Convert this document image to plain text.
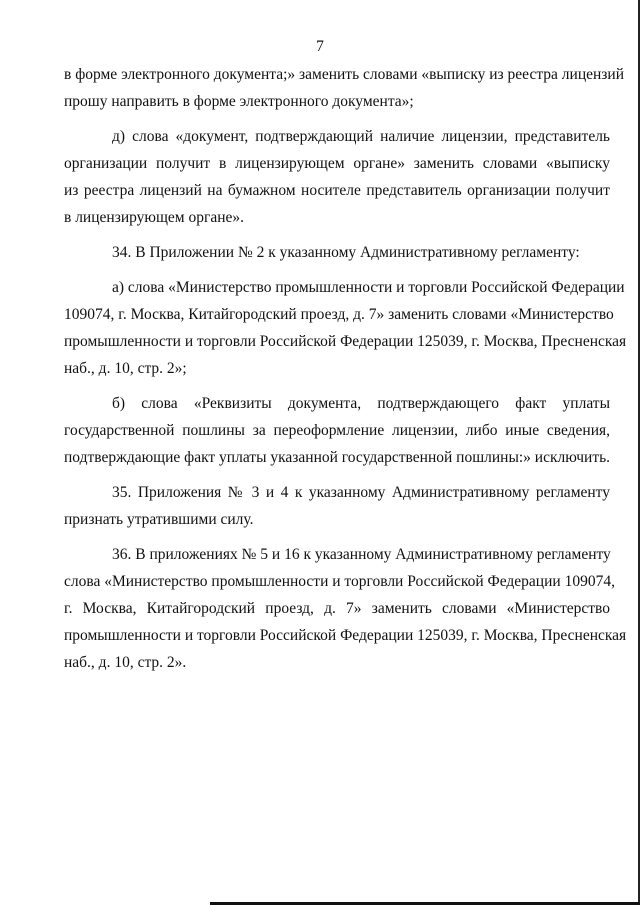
7
в форме электронного документа;» заменить словами «выписку из реестра лицензий
прошу направить в форме электронного документа»;
д) слова «документ, подтверждающий наличие лицензии, представитель
организации получит в лицензирующем органе» заменить словами «выписку
из реестра лицензий на бумажном носителе представитель организации получит
в лицензирующем органе».
34. В Приложении № 2 к указанному Административному регламенту:
а) слова «Министерство промышленности и торговли Российской Федерации
109074, г. Москва, Китайгородский проезд, д. 7» заменить словами «Министерство
промышленности и торговли Российской Федерации 125039, г. Москва, Пресненская
наб., д. 10, стр. 2»;
б) слова «Реквизиты документа, подтверждающего факт уплаты
государственной пошлины за переоформление лицензии, либо иные сведения,
подтверждающие факт уплаты указанной государственной пошлины:» исключить.
35. Приложения № 3 и 4 к указанному Административному регламенту
признать утратившими силу.
36. В приложениях № 5 и 16 к указанному Административному регламенту
слова «Министерство промышленности и торговли Российской Федерации 109074,
г. Москва, Китайгородский проезд, д. 7» заменить словами «Министерство
промышленности и торговли Российской Федерации 125039, г. Москва, Пресненская
наб., д. 10, стр. 2».
